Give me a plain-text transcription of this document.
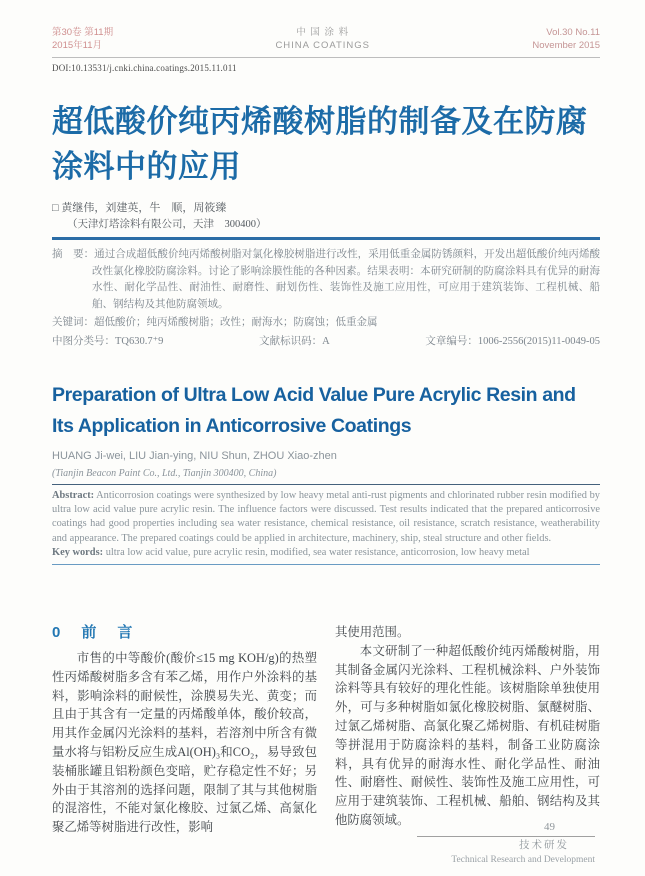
第30卷 第11期
2015年11月
中 国 涂 料
CHINA COATINGS
Vol.30 No.11
November 2015
DOI:10.13531/j.cnki.china.coatings.2015.11.011
超低酸价纯丙烯酸树脂的制备及在防腐
涂料中的应用
□ 黄继伟，刘建英，牛　顺，周筱臻
（天津灯塔涂料有限公司，天津　300400）

摘　要：通过合成超低酸价纯丙烯酸树脂对氯化橡胶树脂进行改性，采用低重金属防锈颜料，开发出超低酸价纯丙烯酸改性氯化橡胶防腐涂料。讨论了影响涂膜性能的各种因素。结果表明：本研究研制的防腐涂料具有优异的耐海水性、耐化学品性、耐油性、耐磨性、耐划伤性、装饰性及施工应用性，可应用于建筑装饰、工程机械、船舶、钢结构及其他防腐领域。

关键词：超低酸价；纯丙烯酸树脂；改性；耐海水；防腐蚀；低重金属

中图分类号：TQ630.7⁺9	文献标识码：A	文章编号：1006-2556(2015)11-0049-05
Preparation of Ultra Low Acid Value Pure Acrylic Resin and
Its Application in Anticorrosive Coatings
HUANG Ji-wei, LIU Jian-ying, NIU Shun, ZHOU Xiao-zhen
(Tianjin Beacon Paint Co., Ltd., Tianjin 300400, China)

Abstract: Anticorrosion coatings were synthesized by low heavy metal anti-rust pigments and chlorinated rubber resin modified by ultra low acid value pure acrylic resin. The influence factors were discussed. Test results indicated that the prepared anticorrosive coatings had good properties including sea water resistance, chemical resistance, oil resistance, scratch resistance, weatherability and appearance. The prepared coatings could be applied in architecture, machinery, ship, steal structure and other fields.

Key words: ultra low acid value, pure acrylic resin, modified, sea water resistance, anticorrosion, low heavy metal

0　前　言

市售的中等酸价(酸价≤15 mg KOH/g)的热塑性丙烯酸树脂多含有苯乙烯，用作户外涂料的基料，影响涂料的耐候性，涂膜易失光、黄变；而且由于其含有一定量的丙烯酸单体，酸价较高，用其作金属闪光涂料的基料，若溶剂中所含有微量水将与铝粉反应生成Al(OH)₃和CO₂，易导致包装桶胀罐且铝粉颜色变暗，贮存稳定性不好；另外由于其溶剂的选择问题，限制了其与其他树脂的混溶性，不能对氯化橡胶、过氯乙烯、高氯化聚乙烯等树脂进行改性，影响

其使用范围。

本文研制了一种超低酸价纯丙烯酸树脂，用其制备金属闪光涂料、工程机械涂料、户外装饰涂料等具有较好的理化性能。该树脂除单独使用外，可与多种树脂如氯化橡胶树脂、氯醚树脂、过氯乙烯树脂、高氯化聚乙烯树脂、有机硅树脂等拼混用于防腐涂料的基料，制备工业防腐涂料，具有优异的耐海水性、耐化学品性、耐油性、耐磨性、耐候性、装饰性及施工应用性，可应用于建筑装饰、工程机械、船舶、钢结构及其他防腐领域。

49
技术研发
Technical Research and Development
